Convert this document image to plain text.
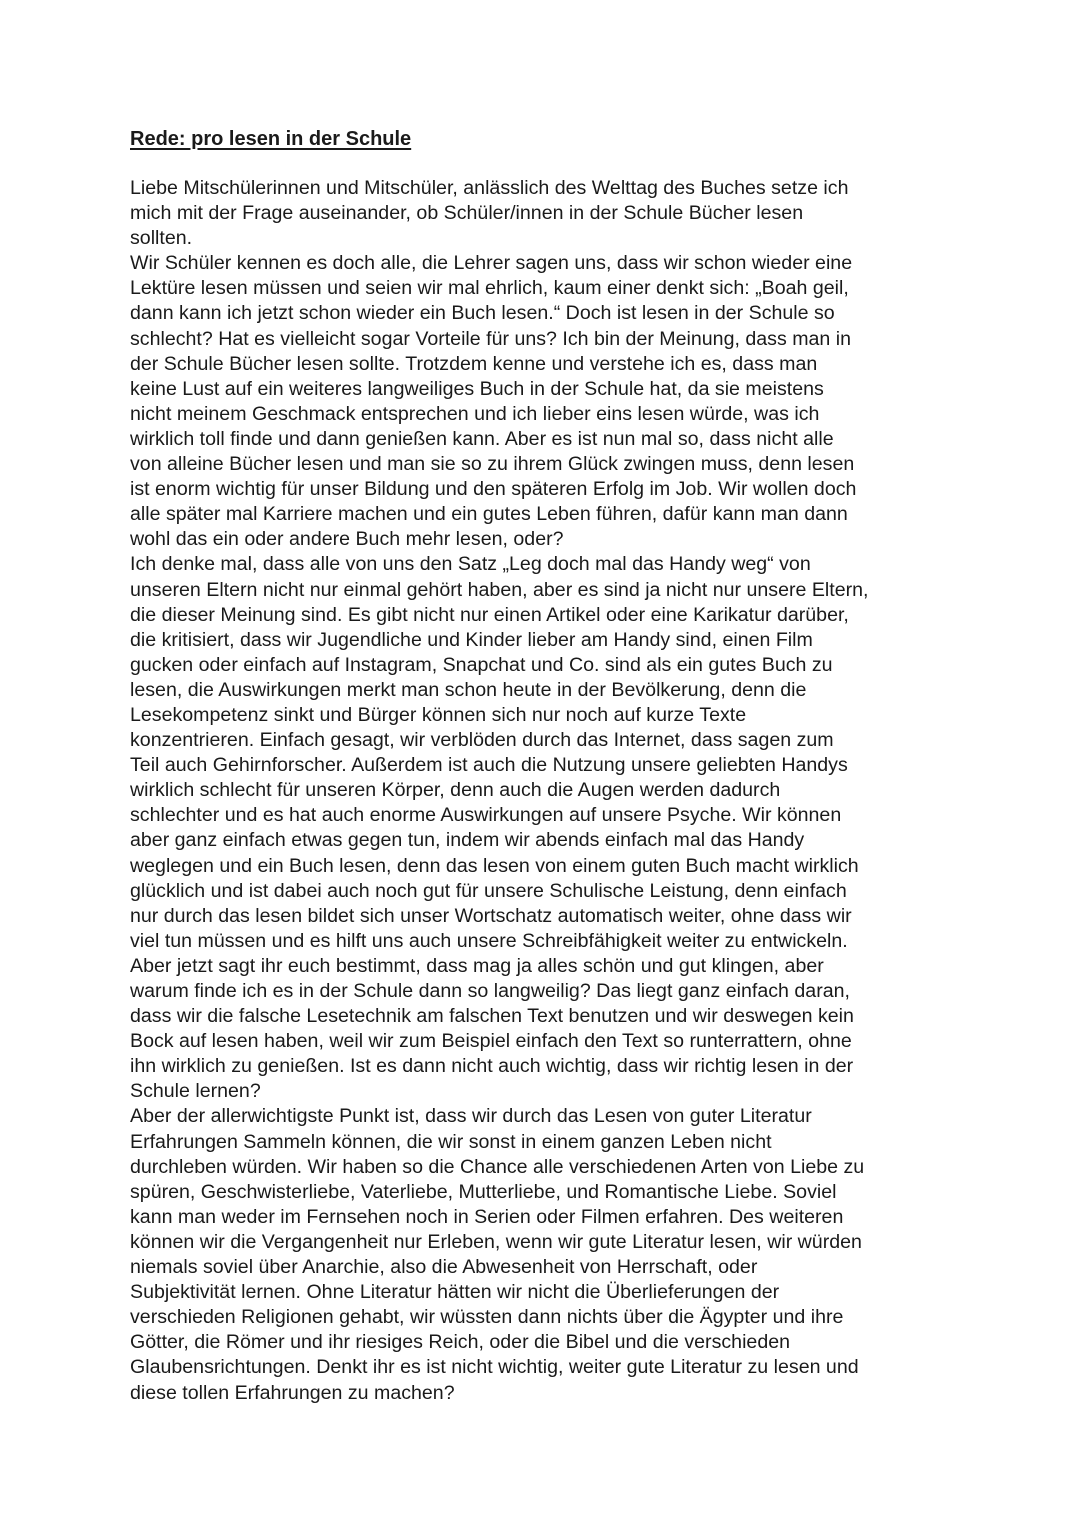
Rede: pro lesen in der Schule
Liebe Mitschülerinnen und Mitschüler, anlässlich des Welttag des Buches setze ich
mich mit der Frage auseinander, ob Schüler/innen in der Schule Bücher lesen
sollten.
Wir Schüler kennen es doch alle, die Lehrer sagen uns, dass wir schon wieder eine
Lektüre lesen müssen und seien wir mal ehrlich, kaum einer denkt sich: „Boah geil,
dann kann ich jetzt schon wieder ein Buch lesen.“ Doch ist lesen in der Schule so
schlecht? Hat es vielleicht sogar Vorteile für uns? Ich bin der Meinung, dass man in
der Schule Bücher lesen sollte. Trotzdem kenne und verstehe ich es, dass man
keine Lust auf ein weiteres langweiliges Buch in der Schule hat, da sie meistens
nicht meinem Geschmack entsprechen und ich lieber eins lesen würde, was ich
wirklich toll finde und dann genießen kann. Aber es ist nun mal so, dass nicht alle
von alleine Bücher lesen und man sie so zu ihrem Glück zwingen muss, denn lesen
ist enorm wichtig für unser Bildung und den späteren Erfolg im Job. Wir wollen doch
alle später mal Karriere machen und ein gutes Leben führen, dafür kann man dann
wohl das ein oder andere Buch mehr lesen, oder?
Ich denke mal, dass alle von uns den Satz „Leg doch mal das Handy weg“ von
unseren Eltern nicht nur einmal gehört haben, aber es sind ja nicht nur unsere Eltern,
die dieser Meinung sind. Es gibt nicht nur einen Artikel oder eine Karikatur darüber,
die kritisiert, dass wir Jugendliche und Kinder lieber am Handy sind, einen Film
gucken oder einfach auf Instagram, Snapchat und Co. sind als ein gutes Buch zu
lesen, die Auswirkungen merkt man schon heute in der Bevölkerung, denn die
Lesekompetenz sinkt und Bürger können sich nur noch auf kurze Texte
konzentrieren. Einfach gesagt, wir verblöden durch das Internet, dass sagen zum
Teil auch Gehirnforscher. Außerdem ist auch die Nutzung unsere geliebten Handys
wirklich schlecht für unseren Körper, denn auch die Augen werden dadurch
schlechter und es hat auch enorme Auswirkungen auf unsere Psyche. Wir können
aber ganz einfach etwas gegen tun, indem wir abends einfach mal das Handy
weglegen und ein Buch lesen, denn das lesen von einem guten Buch macht wirklich
glücklich und ist dabei auch noch gut für unsere Schulische Leistung, denn einfach
nur durch das lesen bildet sich unser Wortschatz automatisch weiter, ohne dass wir
viel tun müssen und es hilft uns auch unsere Schreibfähigkeit weiter zu entwickeln.
Aber jetzt sagt ihr euch bestimmt, dass mag ja alles schön und gut klingen, aber
warum finde ich es in der Schule dann so langweilig? Das liegt ganz einfach daran,
dass wir die falsche Lesetechnik am falschen Text benutzen und wir deswegen kein
Bock auf lesen haben, weil wir zum Beispiel einfach den Text so runterrattern, ohne
ihn wirklich zu genießen. Ist es dann nicht auch wichtig, dass wir richtig lesen in der
Schule lernen?
Aber der allerwichtigste Punkt ist, dass wir durch das Lesen von guter Literatur
Erfahrungen Sammeln können, die wir sonst in einem ganzen Leben nicht
durchleben würden. Wir haben so die Chance alle verschiedenen Arten von Liebe zu
spüren, Geschwisterliebe, Vaterliebe, Mutterliebe, und Romantische Liebe. Soviel
kann man weder im Fernsehen noch in Serien oder Filmen erfahren. Des weiteren
können wir die Vergangenheit nur Erleben, wenn wir gute Literatur lesen, wir würden
niemals soviel über Anarchie, also die Abwesenheit von Herrschaft, oder
Subjektivität lernen. Ohne Literatur hätten wir nicht die Überlieferungen der
verschieden Religionen gehabt, wir wüssten dann nichts über die Ägypter und ihre
Götter, die Römer und ihr riesiges Reich, oder die Bibel und die verschieden
Glaubensrichtungen. Denkt ihr es ist nicht wichtig, weiter gute Literatur zu lesen und
diese tollen Erfahrungen zu machen?
